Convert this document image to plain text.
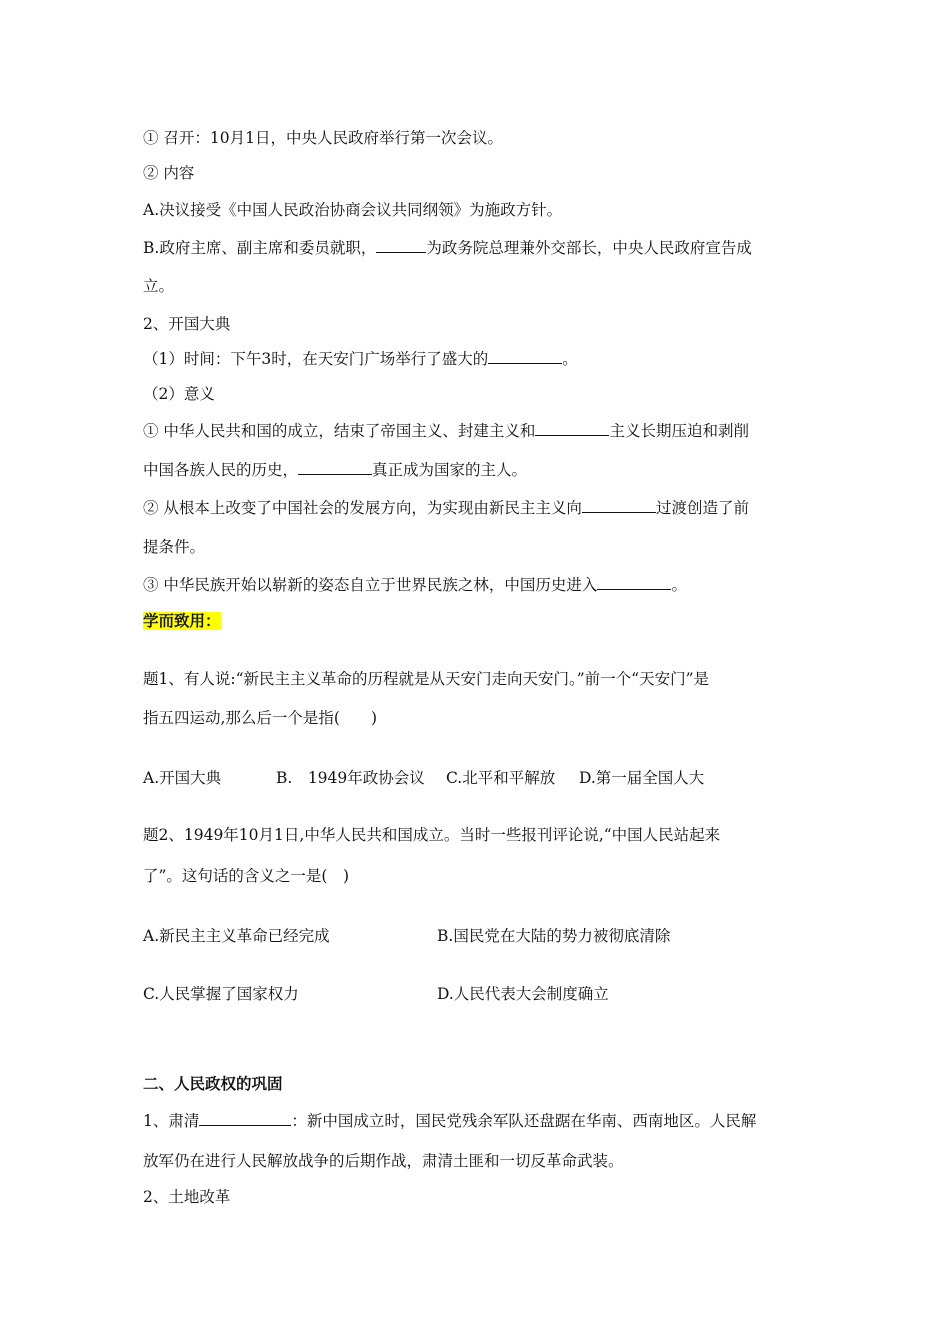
① 召开：10月1日，中央人民政府举行第一次会议。
② 内容
A.决议接受《中国人民政治协商会议共同纲领》为施政方针。
B.政府主席、副主席和委员就职，	为政务院总理兼外交部长，中央人民政府宣告成
立。
2、开国大典
（1）时间：下午3时，在天安门广场举行了盛大的	。
（2）意义
① 中华人民共和国的成立，结束了帝国主义、封建主义和	主义长期压迫和剥削
中国各族人民的历史，	真正成为国家的主人。
② 从根本上改变了中国社会的发展方向，为实现由新民主主义向	过渡创造了前
提条件。
③ 中华民族开始以崭新的姿态自立于世界民族之林，中国历史进入	。
学而致用：
题1、有人说:“新民主主义革命的历程就是从天安门走向天安门。”前一个“天安门”是
指五四运动,那么后一个是指(　　)
A.开国大典	B.　1949年政协会议 C.北平和平解放 D.第一届全国人大
题2、1949年10月1日,中华人民共和国成立。当时一些报刊评论说,“中国人民站起来
了”。这句话的含义之一是(　)
A.新民主主义革命已经完成	B.国民党在大陆的势力被彻底清除
C.人民掌握了国家权力	D.人民代表大会制度确立
二、人民政权的巩固
1、肃清	：新中国成立时，国民党残余军队还盘踞在华南、西南地区。人民解
放军仍在进行人民解放战争的后期作战，肃清土匪和一切反革命武装。
2、土地改革
